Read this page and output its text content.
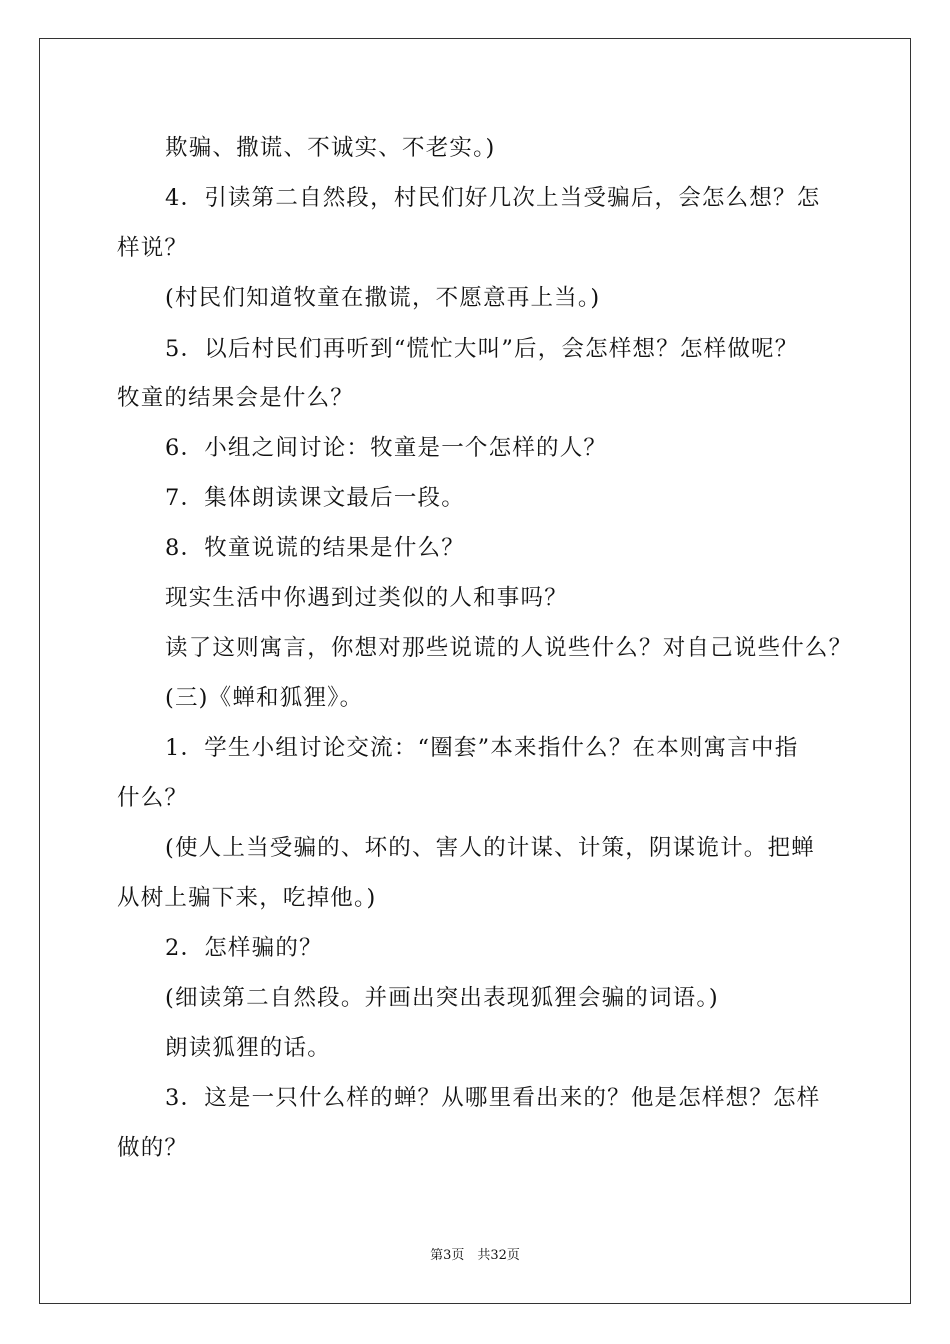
欺骗、撒谎、不诚实、不老实。)
4．引读第二自然段，村民们好几次上当受骗后，会怎么想？怎
样说？
(村民们知道牧童在撒谎，不愿意再上当。)
5．以后村民们再听到“慌忙大叫”后，会怎样想？怎样做呢？
牧童的结果会是什么？
6．小组之间讨论：牧童是一个怎样的人？
7．集体朗读课文最后一段。
8．牧童说谎的结果是什么？
现实生活中你遇到过类似的人和事吗？
读了这则寓言，你想对那些说谎的人说些什么？对自己说些什么？
(三)《蝉和狐狸》。
1．学生小组讨论交流：“圈套”本来指什么？在本则寓言中指
什么？
(使人上当受骗的、坏的、害人的计谋、计策，阴谋诡计。把蝉
从树上骗下来，吃掉他。)
2．怎样骗的？
(细读第二自然段。并画出突出表现狐狸会骗的词语。)
朗读狐狸的话。
3．这是一只什么样的蝉？从哪里看出来的？他是怎样想？怎样
做的？
第3页　共32页
